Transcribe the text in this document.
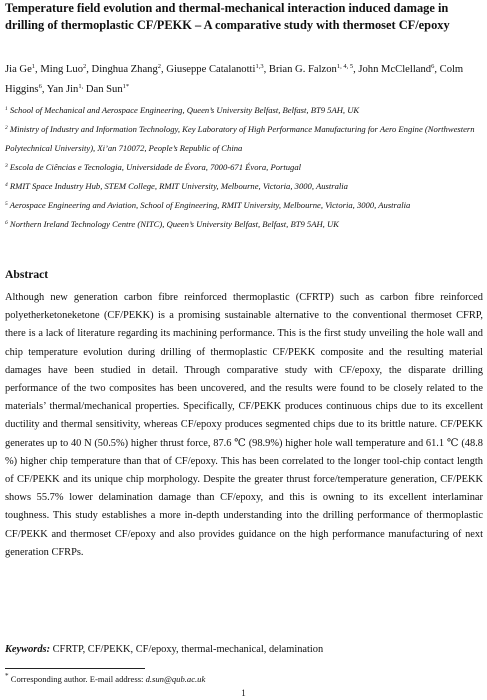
Temperature field evolution and thermal-mechanical interaction induced damage in drilling of thermoplastic CF/PEKK – A comparative study with thermoset CF/epoxy

Jia Ge$^1$, Ming Luo$^2$, Dinghua Zhang$^2$, Giuseppe Catalanotti$^{1,3}$, Brian G. Falzon$^{1, 4, 5}$, John McClelland$^6$, Colm Higgins$^6$, Yan Jin$^{1,}$ Dan Sun$^{1*}$

$^1$ School of Mechanical and Aerospace Engineering, Queen’s University Belfast, Belfast, BT9 5AH, UK
$^2$ Ministry of Industry and Information Technology, Key Laboratory of High Performance Manufacturing for Aero Engine (Northwestern Polytechnical University), Xi’an 710072, People’s Republic of China
$^3$ Escola de Ciências e Tecnologia, Universidade de Évora, 7000-671 Évora, Portugal
$^4$ RMIT Space Industry Hub, STEM College, RMIT University, Melbourne, Victoria, 3000, Australia
$^5$ Aerospace Engineering and Aviation, School of Engineering, RMIT University, Melbourne, Victoria, 3000, Australia
$^6$ Northern Ireland Technology Centre (NITC), Queen’s University Belfast, Belfast, BT9 5AH, UK
Abstract

Although new generation carbon fibre reinforced thermoplastic (CFRTP) such as carbon fibre reinforced polyetherketoneketone (CF/PEKK) is a promising sustainable alternative to the conventional thermoset CFRP, there is a lack of literature regarding its machining performance. This is the first study unveiling the hole wall and chip temperature evolution during drilling of thermoplastic CF/PEKK composite and the resulting material damages have been studied in detail. Through comparative study with CF/epoxy, the disparate drilling performance of the two composites has been uncovered, and the results were found to be closely related to the materials’ thermal/mechanical properties. Specifically, CF/PEKK produces continuous chips due to its excellent ductility and thermal sensitivity, whereas CF/epoxy produces segmented chips due to its brittle nature. CF/PEKK generates up to 40 N (50.5%) higher thrust force, 87.6 ℃ (98.9%) higher hole wall temperature and 61.1 ℃ (48.8 %) higher chip temperature than that of CF/epoxy. This has been correlated to the longer tool-chip contact length of CF/PEKK and its unique chip morphology. Despite the greater thrust force/temperature generation, CF/PEKK shows 55.7% lower delamination damage than CF/epoxy, and this is owning to its excellent interlaminar toughness. This study establishes a more in-depth understanding into the drilling performance of thermoplastic CF/PEKK and thermoset CF/epoxy and also provides guidance on the high performance manufacturing of next generation CFRPs.

Keywords: CFRTP, CF/PEKK, CF/epoxy, thermal-mechanical, delamination

* Corresponding author. E-mail address: d.sun@qub.ac.uk

1
